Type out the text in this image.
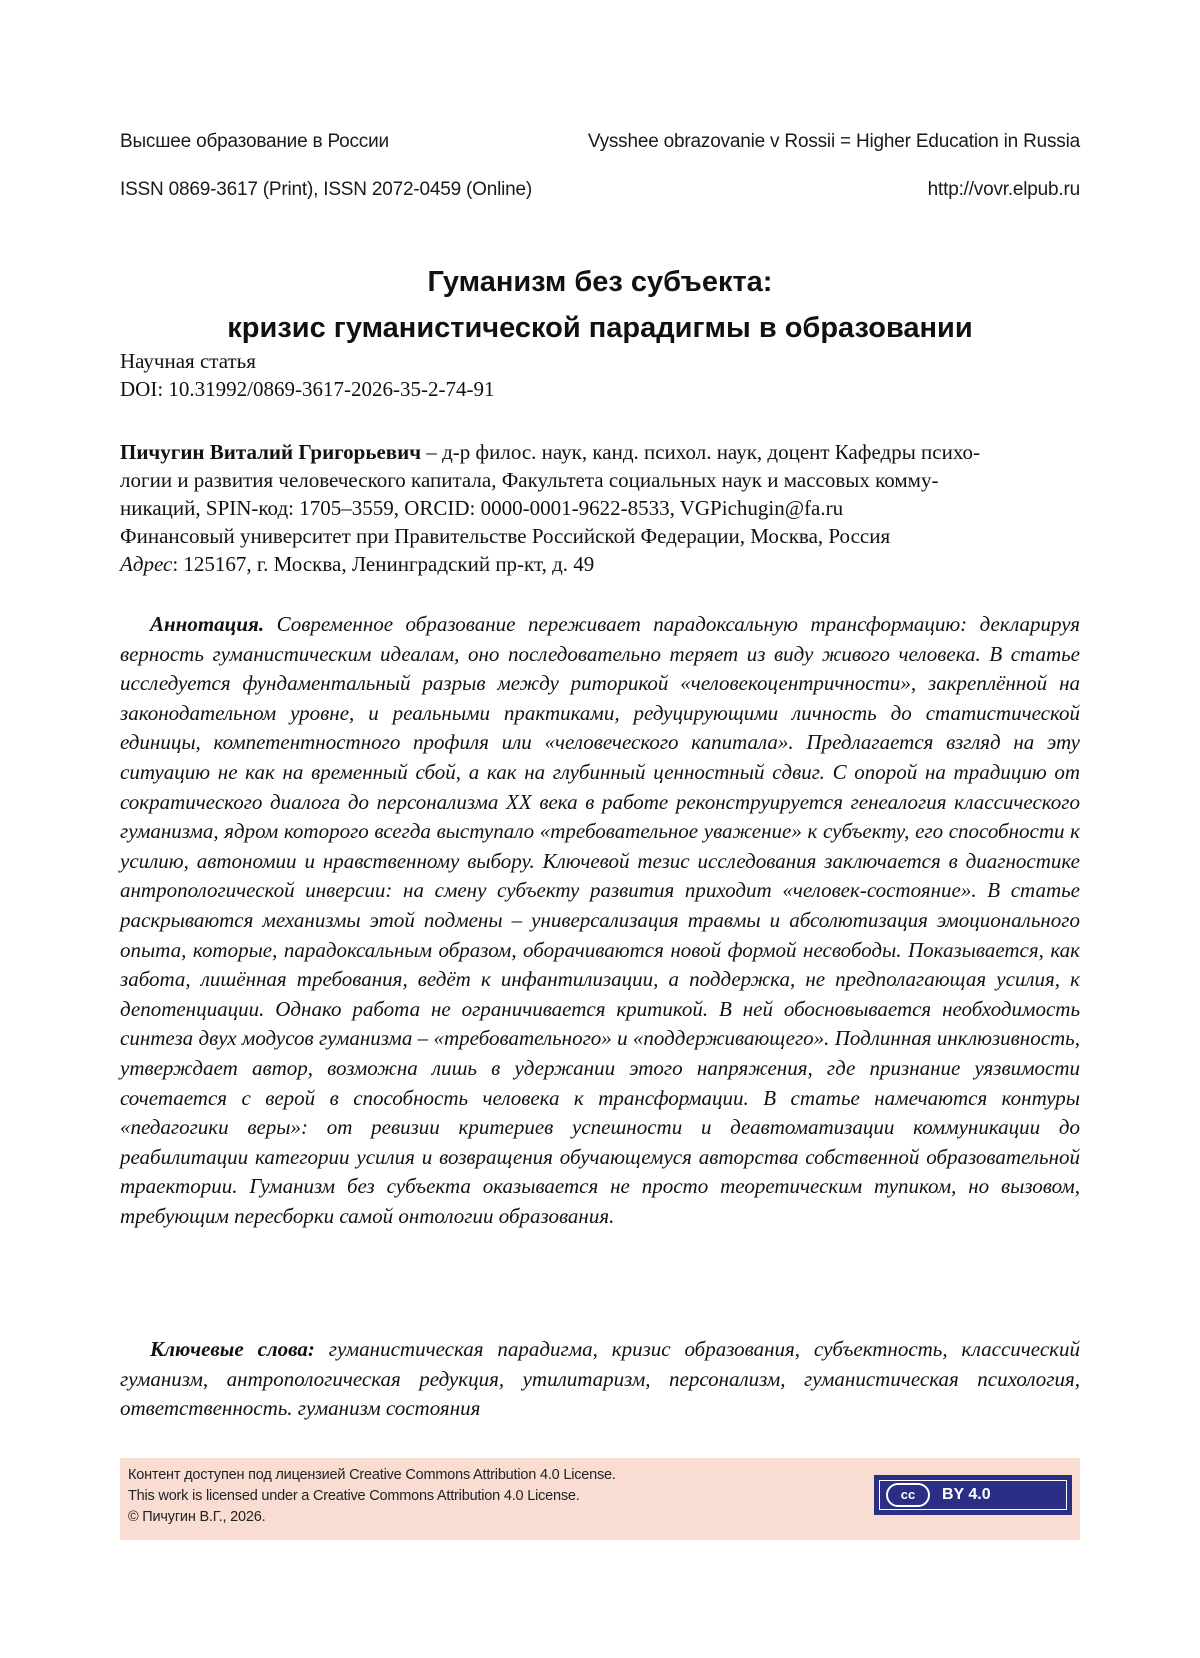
Высшее образование в России	Vysshee obrazovanie v Rossii = Higher Education in Russia
ISSN 0869-3617 (Print), ISSN 2072-0459 (Online)	http://vovr.elpub.ru
Гуманизм без субъекта:
кризис гуманистической парадигмы в образовании
Научная статья
DOI: 10.31992/0869-3617-2026-35-2-74-91
Пичугин Виталий Григорьевич – д-р филос. наук, канд. психол. наук, доцент Кафедры психо-
логии и развития человеческого капитала, Факультета социальных наук и массовых комму-
никаций, SPIN-код: 1705–3559, ORCID: 0000-0001-9622-8533, VGPichugin@fa.ru
Финансовый университет при Правительстве Российской Федерации, Москва, Россия
Адрес: 125167, г. Москва, Ленинградский пр-кт, д. 49

Аннотация. Современное образование переживает парадоксальную трансформацию: декларируя верность гуманистическим идеалам, оно последовательно теряет из виду живого человека. В статье исследуется фундаментальный разрыв между риторикой «человекоцентричности», закреплённой на законодательном уровне, и реальными практиками, редуцирующими личность до статистической единицы, компетентностного профиля или «человеческого капитала». Предлагается взгляд на эту ситуацию не как на временный сбой, а как на глубинный ценностный сдвиг. С опорой на традицию от сократического диалога до персонализма XX века в работе реконструируется генеалогия классического гуманизма, ядром которого всегда выступало «требовательное уважение» к субъекту, его способности к усилию, автономии и нравственному выбору. Ключевой тезис исследования заключается в диагностике антропологической инверсии: на смену субъекту развития приходит «человек-состояние». В статье раскрываются механизмы этой подмены – универсализация травмы и абсолютизация эмоционального опыта, которые, парадоксальным образом, оборачиваются новой формой несвободы. Показывается, как забота, лишённая требования, ведёт к инфантилизации, а поддержка, не предполагающая усилия, к депотенциации. Однако работа не ограничивается критикой. В ней обосновывается необходимость синтеза двух модусов гуманизма – «требовательного» и «поддерживающего». Подлинная инклюзивность, утверждает автор, возможна лишь в удержании этого напряжения, где признание уязвимости сочетается с верой в способность человека к трансформации. В статье намечаются контуры «педагогики веры»: от ревизии критериев успешности и деавтоматизации коммуникации до реабилитации категории усилия и возвращения обучающемуся авторства собственной образовательной траектории. Гуманизм без субъекта оказывается не просто теоретическим тупиком, но вызовом, требующим пересборки самой онтологии образования.

Ключевые слова: гуманистическая парадигма, кризис образования, субъектность, классический гуманизм, антропологическая редукция, утилитаризм, персонализм, гуманистическая психология, ответственность. гуманизм состояния

Контент доступен под лицензией Creative Commons Attribution 4.0 License.
This work is licensed under a Creative Commons Attribution 4.0 License.
© Пичугин В.Г., 2026.
cc	BY 4.0
